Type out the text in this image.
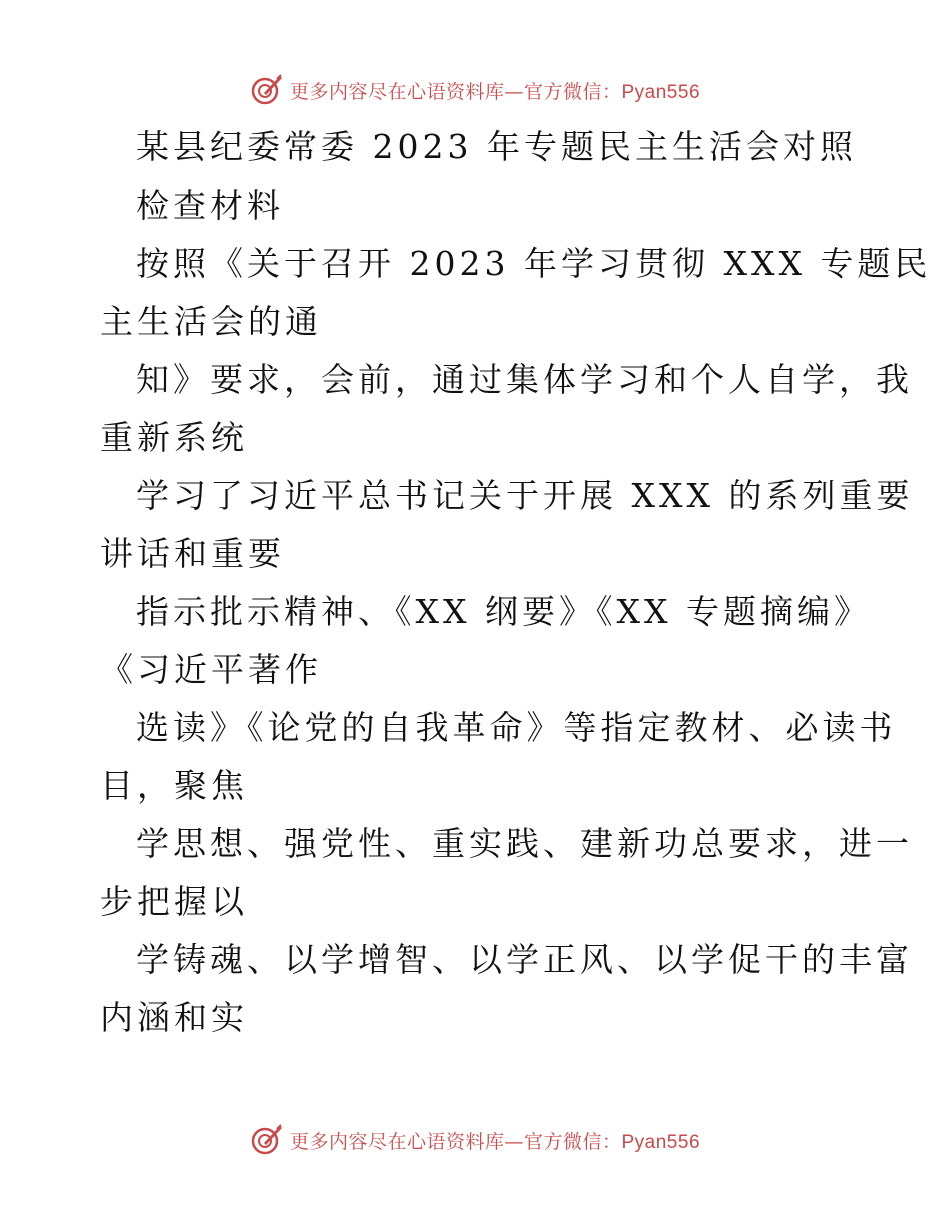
更多内容尽在心语资料库—官方微信：Pyan556
某县纪委常委 2023 年专题民主生活会对照
检查材料
按照《关于召开 2023 年学习贯彻 XXX 专题民
主生活会的通
知》要求，会前，通过集体学习和个人自学，我
重新系统
学习了习近平总书记关于开展 XXX 的系列重要
讲话和重要
指示批示精神、《XX 纲要》《XX 专题摘编》
《习近平著作
选读》《论党的自我革命》等指定教材、必读书
目，聚焦
学思想、强党性、重实践、建新功总要求，进一
步把握以
学铸魂、以学增智、以学正风、以学促干的丰富
内涵和实
更多内容尽在心语资料库—官方微信：Pyan556
